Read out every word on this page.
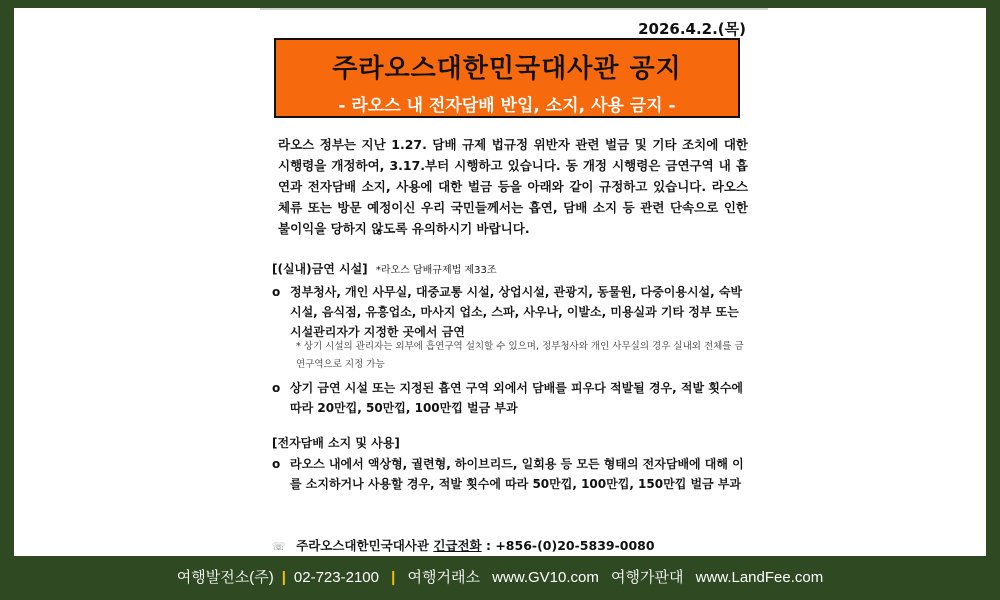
2026.4.2.(목)
주라오스대한민국대사관 공지
- 라오스 내 전자담배 반입, 소지, 사용 금지 -
라오스 정부는 지난 1.27. 담배 규제 법규정 위반자 관련 벌금 및 기타 조치에 대한 시행령을 개정하여, 3.17.부터 시행하고 있습니다. 동 개정 시행령은 금연구역 내 흡연과 전자담배 소지, 사용에 대한 벌금 등을 아래와 같이 규정하고 있습니다. 라오스 체류 또는 방문 예정이신 우리 국민들께서는 흡연, 담배 소지 등 관련 단속으로 인한 불이익을 당하지 않도록 유의하시기 바랍니다.
[(실내)금연 시설] *라오스 담배규제법 제33조
o 정부청사, 개인 사무실, 대중교통 시설, 상업시설, 관광지, 동물원, 다중이용시설, 숙박시설, 음식점, 유흥업소, 마사지 업소, 스파, 사우나, 이발소, 미용실과 기타 정부 또는 시설관리자가 지정한 곳에서 금연
* 상기 시설의 관리자는 외부에 흡연구역 설치할 수 있으며, 정부청사와 개인 사무실의 경우 실내외 전체를 금연구역으로 지정 가능
o 상기 금연 시설 또는 지정된 흡연 구역 외에서 담배를 피우다 적발될 경우, 적발 횟수에 따라 20만낍, 50만낍, 100만낍 벌금 부과
[전자담배 소지 및 사용]
o 라오스 내에서 액상형, 궐련형, 하이브리드, 일회용 등 모든 형태의 전자담배에 대해 이를 소지하거나 사용할 경우, 적발 횟수에 따라 50만낍, 100만낍, 150만낍 벌금 부과
☏ 주라오스대한민국대사관 긴급전화 : +856-(0)20-5839-0080
여행발전소(주) | 02-723-2100 | 여행거래소 www.GV10.com 여행가판대 www.LandFee.com
